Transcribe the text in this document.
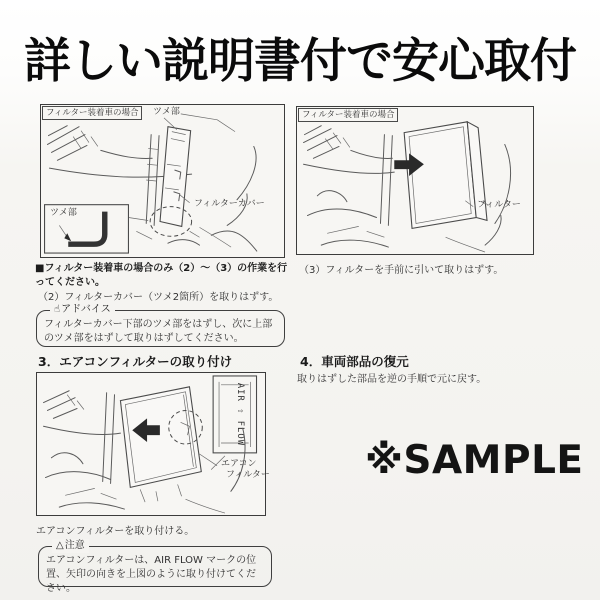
詳しい説明書付で安心取付
フィルター装着車の場合	ツメ部
フィルターカバー
ツメ部
フィルター装着車の場合
フィルター
■フィルター装着車の場合のみ（2）～（3）の作業を行ってください。
（2）フィルターカバー（ツメ2箇所）を取りはずす。
☝アドバイス
フィルターカバー下部のツメ部をはずし、次に上部のツメ部をはずして取りはずしてください。
（3）フィルターを手前に引いて取りはずす。
3．エアコンフィルターの取り付け
AIR ⇧ FLOW
エアコン
フィルター
4．車両部品の復元
取りはずした部品を逆の手順で元に戻す。
※SAMPLE
エアコンフィルターを取り付ける。
△注意
エアコンフィルターは、AIR FLOW マークの位置、矢印の向きを上図のように取り付けてください。
